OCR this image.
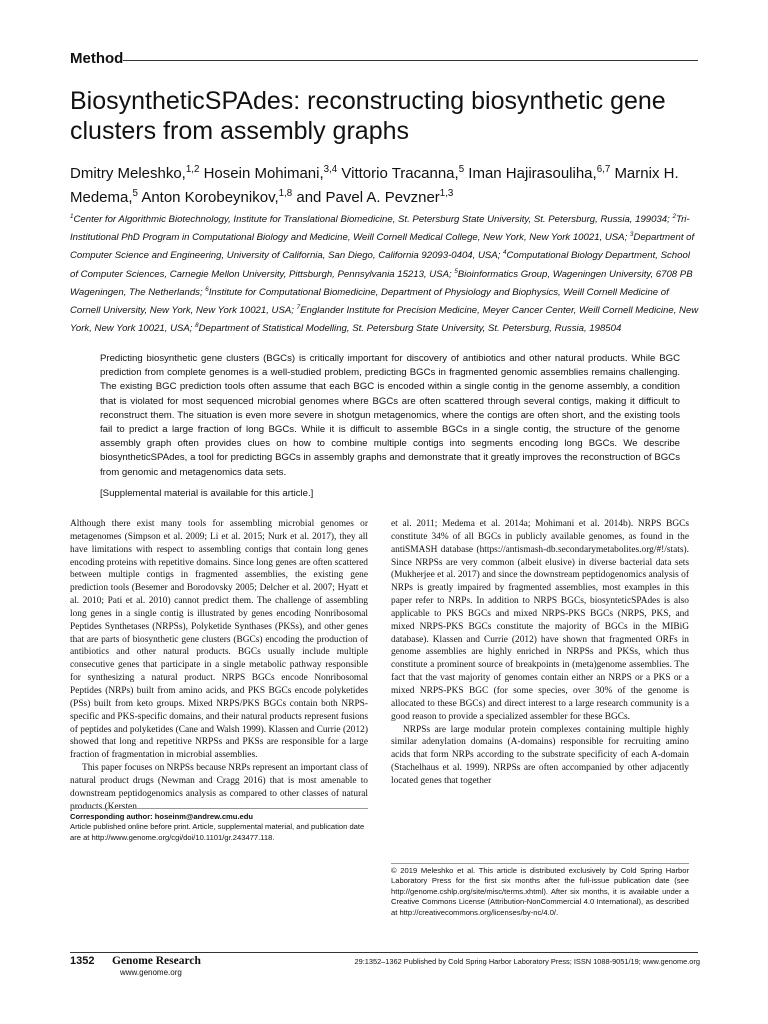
Method
BiosyntheticSPAdes: reconstructing biosynthetic gene clusters from assembly graphs
Dmitry Meleshko,$^{1,2}$ Hosein Mohimani,$^{3,4}$ Vittorio Tracanna,$^5$ Iman Hajirasouliha,$^{6,7}$ Marnix H. Medema,$^5$ Anton Korobeynikov,$^{1,8}$ and Pavel A. Pevzner$^{1,3}$
$^1$Center for Algorithmic Biotechnology, Institute for Translational Biomedicine, St. Petersburg State University, St. Petersburg, Russia, 199034; $^2$Tri-Institutional PhD Program in Computational Biology and Medicine, Weill Cornell Medical College, New York, New York 10021, USA; $^3$Department of Computer Science and Engineering, University of California, San Diego, California 92093-0404, USA; $^4$Computational Biology Department, School of Computer Sciences, Carnegie Mellon University, Pittsburgh, Pennsylvania 15213, USA; $^5$Bioinformatics Group, Wageningen University, 6708 PB Wageningen, The Netherlands; $^6$Institute for Computational Biomedicine, Department of Physiology and Biophysics, Weill Cornell Medicine of Cornell University, New York, New York 10021, USA; $^7$Englander Institute for Precision Medicine, Meyer Cancer Center, Weill Cornell Medicine, New York, New York 10021, USA; $^8$Department of Statistical Modelling, St. Petersburg State University, St. Petersburg, Russia, 198504

Predicting biosynthetic gene clusters (BGCs) is critically important for discovery of antibiotics and other natural products. While BGC prediction from complete genomes is a well-studied problem, predicting BGCs in fragmented genomic assemblies remains challenging. The existing BGC prediction tools often assume that each BGC is encoded within a single contig in the genome assembly, a condition that is violated for most sequenced microbial genomes where BGCs are often scattered through several contigs, making it difficult to reconstruct them. The situation is even more severe in shotgun metagenomics, where the contigs are often short, and the existing tools fail to predict a large fraction of long BGCs. While it is difficult to assemble BGCs in a single contig, the structure of the genome assembly graph often provides clues on how to combine multiple contigs into segments encoding long BGCs. We describe biosyntheticSPAdes, a tool for predicting BGCs in assembly graphs and demonstrate that it greatly improves the reconstruction of BGCs from genomic and metagenomics data sets.

[Supplemental material is available for this article.]

Although there exist many tools for assembling microbial genomes or metagenomes (Simpson et al. 2009; Li et al. 2015; Nurk et al. 2017), they all have limitations with respect to assembling contigs that contain long genes encoding proteins with repetitive domains. Since long genes are often scattered between multiple contigs in fragmented assemblies, the existing gene prediction tools (Besemer and Borodovsky 2005; Delcher et al. 2007; Hyatt et al. 2010; Pati et al. 2010) cannot predict them. The challenge of assembling long genes in a single contig is illustrated by genes encoding Nonribosomal Peptides Synthetases (NRPSs), Polyketide Synthases (PKSs), and other genes that are parts of biosynthetic gene clusters (BGCs) encoding the production of antibiotics and other natural products. BGCs usually include multiple consecutive genes that participate in a single metabolic pathway responsible for synthesizing a natural product. NRPS BGCs encode Nonribosomal Peptides (NRPs) built from amino acids, and PKS BGCs encode polyketides (PSs) built from keto groups. Mixed NRPS/PKS BGCs contain both NRPS-specific and PKS-specific domains, and their natural products represent fusions of peptides and polyketides (Cane and Walsh 1999). Klassen and Currie (2012) showed that long and repetitive NRPSs and PKSs are responsible for a large fraction of fragmentation in microbial assemblies.

This paper focuses on NRPSs because NRPs represent an important class of natural product drugs (Newman and Cragg 2016) that is most amenable to downstream peptidogenomics analysis as compared to other classes of natural products (Kersten

et al. 2011; Medema et al. 2014a; Mohimani et al. 2014b). NRPS BGCs constitute 34% of all BGCs in publicly available genomes, as found in the antiSMASH database (https://antismash-db.secondarymetabolites.org/#!/stats). Since NRPSs are very common (albeit elusive) in diverse bacterial data sets (Mukherjee et al. 2017) and since the downstream peptidogenomics analysis of NRPs is greatly impaired by fragmented assemblies, most examples in this paper refer to NRPs. In addition to NRPS BGCs, biosynteticSPAdes is also applicable to PKS BGCs and mixed NRPS-PKS BGCs (NRPS, PKS, and mixed NRPS-PKS BGCs constitute the majority of BGCs in the MIBiG database). Klassen and Currie (2012) have shown that fragmented ORFs in genome assemblies are highly enriched in NRPSs and PKSs, which thus constitute a prominent source of breakpoints in (meta)genome assemblies. The fact that the vast majority of genomes contain either an NRPS or a PKS or a mixed NRPS-PKS BGC (for some species, over 30% of the genome is allocated to these BGCs) and direct interest to a large research community is a good reason to provide a specialized assembler for these BGCs.

NRPSs are large modular protein complexes containing multiple highly similar adenylation domains (A-domains) responsible for recruiting amino acids that form NRPs according to the substrate specificity of each A-domain (Stachelhaus et al. 1999). NRPSs are often accompanied by other adjacently located genes that together

Corresponding author: hoseinm@andrew.cmu.edu
Article published online before print. Article, supplemental material, and publication date are at http://www.genome.org/cgi/doi/10.1101/gr.243477.118.
© 2019 Meleshko et al. This article is distributed exclusively by Cold Spring Harbor Laboratory Press for the first six months after the full-issue publication date (see http://genome.cshlp.org/site/misc/terms.xhtml). After six months, it is available under a Creative Commons License (Attribution-NonCommercial 4.0 International), as described at http://creativecommons.org/licenses/by-nc/4.0/.
1352 Genome Research
www.genome.org
29:1352–1362 Published by Cold Spring Harbor Laboratory Press; ISSN 1088-9051/19; www.genome.org
